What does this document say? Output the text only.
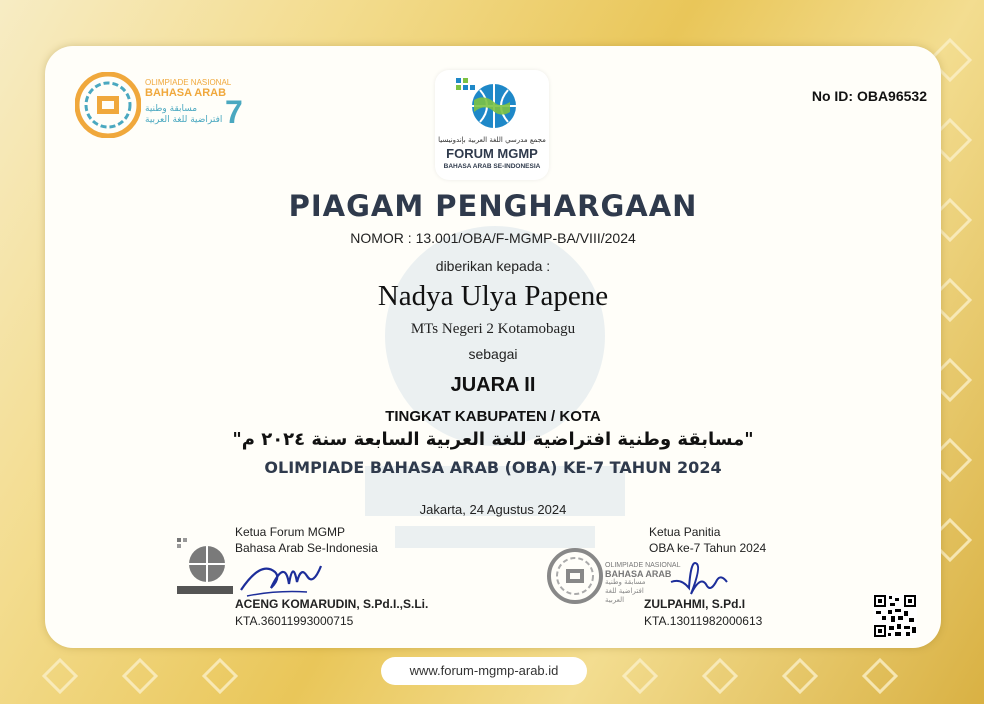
OLIMPIADE NASIONAL
BAHASA ARAB
مسابقة وطنية افتراضية للغة العربية 7
مجمع مدرسي اللغة العربية بإندونيسيا
FORUM MGMP
BAHASA ARAB SE-INDONESIA
No ID: OBA96532
PIAGAM PENGHARGAAN
NOMOR : 13.001/OBA/F-MGMP-BA/VIII/2024
diberikan kepada :
Nadya Ulya Papene
MTs Negeri 2 Kotamobagu
sebagai
JUARA II
TINGKAT KABUPATEN / KOTA
"مسابقة وطنية افتراضية للغة العربية السابعة سنة ٢٠٢٤ م"
OLIMPIADE BAHASA ARAB (OBA) KE-7 TAHUN 2024
Jakarta, 24 Agustus 2024
Ketua Forum MGMP
Bahasa Arab Se-Indonesia
ACENG KOMARUDIN, S.Pd.I.,S.Li.
KTA.36011993000715
Ketua Panitia
OBA ke-7 Tahun 2024
OLIMPIADE NASIONAL
BAHASA ARAB
مسابقة وطنية افتراضية للغة العربية	ZULPAHMI, S.Pd.I
KTA.13011982000613
www.forum-mgmp-arab.id
